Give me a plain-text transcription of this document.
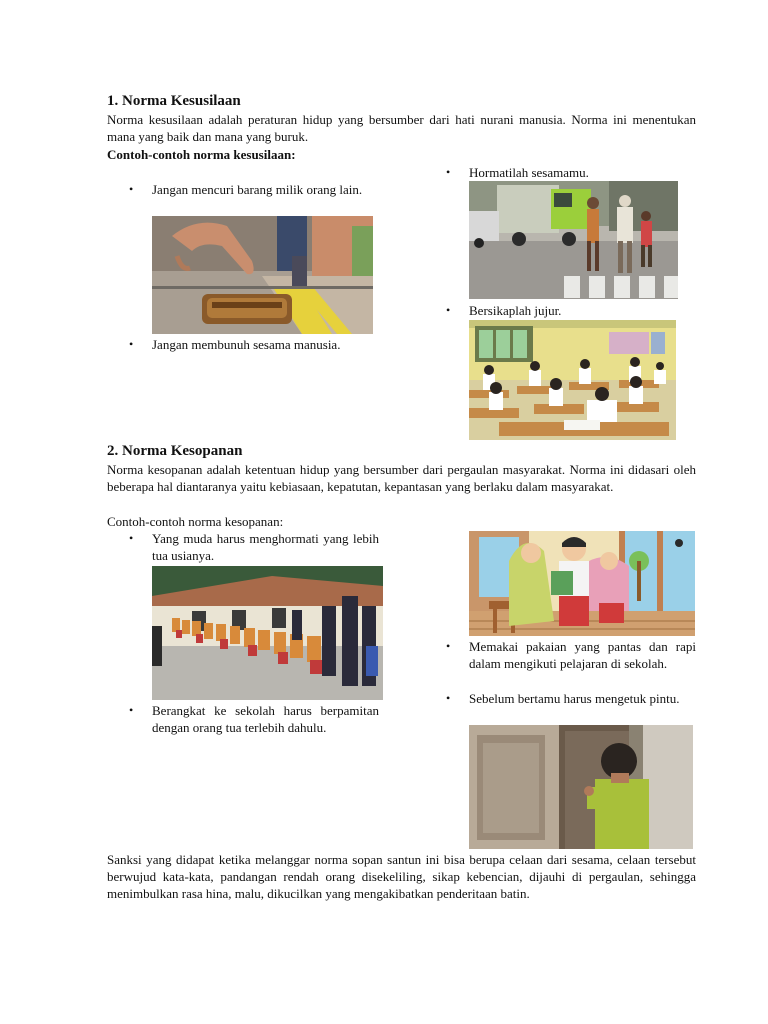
1. Norma Kesusilaan
Norma kesusilaan adalah peraturan hidup yang bersumber dari hati nurani manusia. Norma ini menentukan mana yang baik dan mana yang buruk.
Contoh-contoh norma kesusilaan:
• Hormatilah sesamamu.
• Jangan mencuri barang milik orang lain.
• Bersikaplah jujur.
• Jangan membunuh sesama manusia.
2. Norma Kesopanan
Norma kesopanan adalah ketentuan hidup yang bersumber dari pergaulan masyarakat. Norma ini didasari oleh beberapa hal diantaranya yaitu kebiasaan, kepatutan, kepantasan yang berlaku dalam masyarakat.
Contoh-contoh norma kesopanan:
• Yang muda harus menghormati yang lebih tua usianya.
• Memakai pakaian yang pantas dan rapi dalam mengikuti pelajaran di sekolah.
• Sebelum bertamu harus mengetuk pintu.
• Berangkat ke sekolah harus berpamitan dengan orang tua terlebih dahulu.
Sanksi yang didapat ketika melanggar norma sopan santun ini bisa berupa celaan dari sesama, celaan tersebut berwujud kata-kata, pandangan rendah orang disekeliling, sikap kebencian, dijauhi di pergaulan, sehingga menimbulkan rasa hina, malu, dikucilkan yang mengakibatkan penderitaan batin.
